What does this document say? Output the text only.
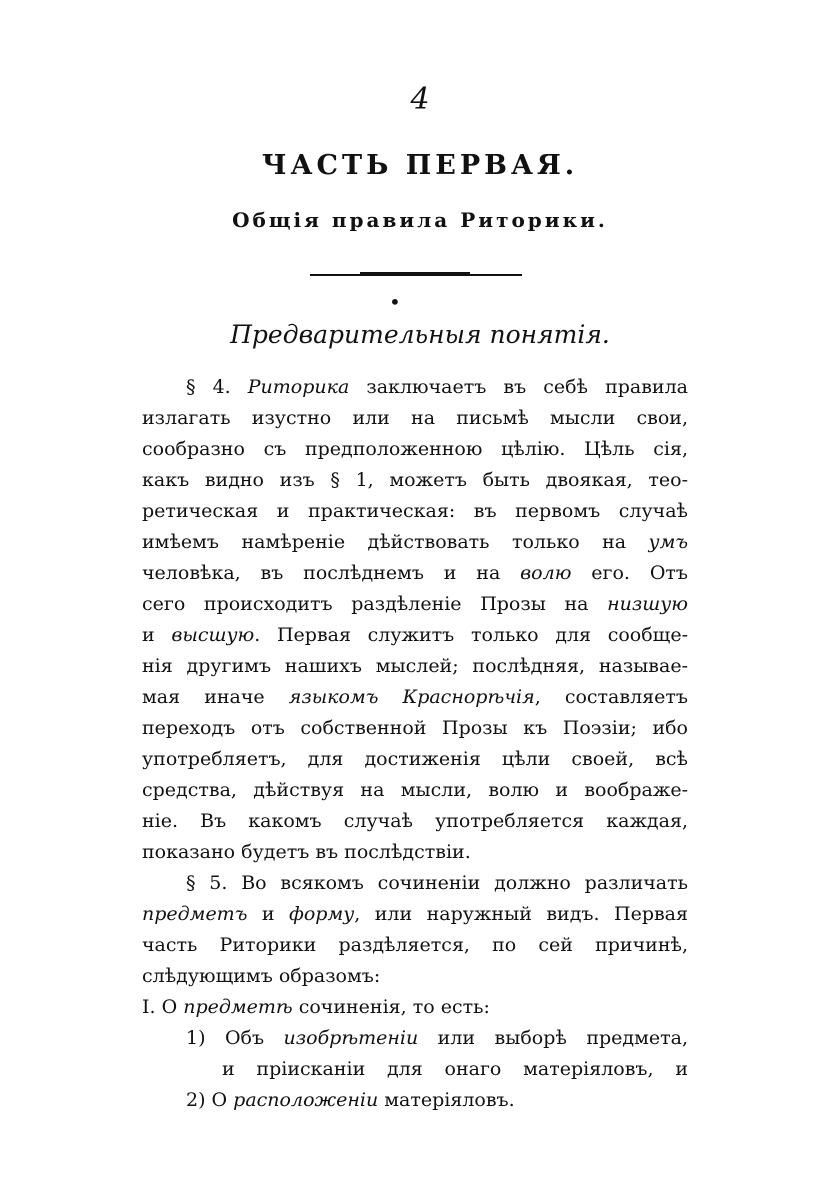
4
ЧАСТЬ ПЕРВАЯ.
Общія правила Риторики.
•
Предварительныя понятія.
§ 4. Риторика заключаетъ въ себѣ правила
излагать изустно или на письмѣ мысли свои,
сообразно съ предположенною цѣлію. Цѣль сія,
какъ видно изъ § 1, можетъ быть двоякая, тео-
ретическая и практическая: въ первомъ случаѣ
имѣемъ намѣреніе дѣйствовать только на умъ
человѣка, въ послѣднемъ и на волю его. Отъ
сего происходитъ раздѣленіе Прозы на низшую
и высшую. Первая служитъ только для сообще-
нія другимъ нашихъ мыслей; послѣдняя, называе-
мая иначе языкомъ Краснорѣчія, составляетъ
переходъ отъ собственной Прозы къ Поэзіи; ибо
употребляетъ, для достиженія цѣли своей, всѣ
средства, дѣйствуя на мысли, волю и воображе-
ніе. Въ какомъ случаѣ употребляется каждая,
показано будетъ въ послѣдствіи.
§ 5. Во всякомъ сочиненіи должно различать
предметъ и форму, или наружный видъ. Первая
часть Риторики раздѣляется, по сей причинѣ,
слѣдующимъ образомъ:
I. О предметѣ сочиненія, то есть:
1) Объ изобрѣтеніи или выборѣ предмета,
и пріисканіи для онаго матеріяловъ, и
2) О расположеніи матеріяловъ.
